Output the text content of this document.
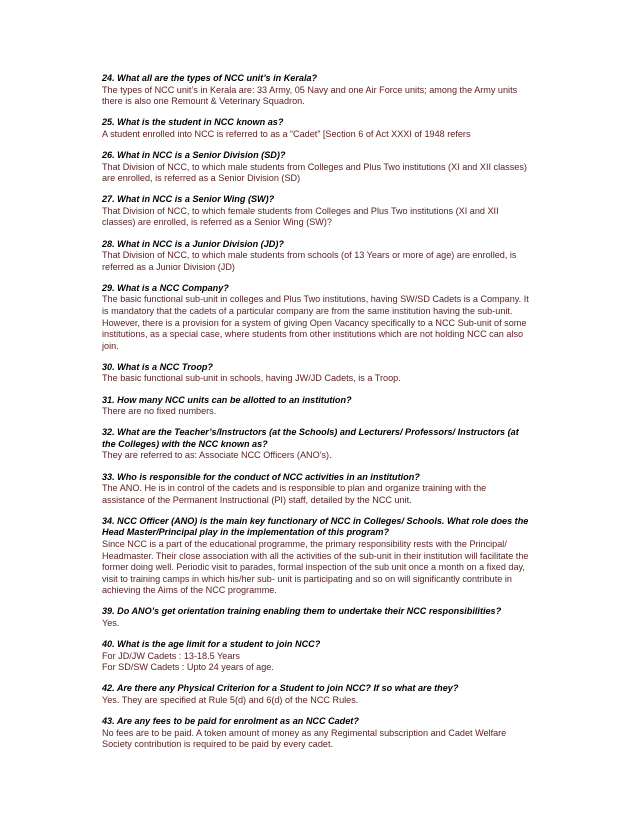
24. What all are the types of NCC unit’s in Kerala?

The types of NCC unit’s in Kerala are: 33 Army, 05 Navy and one Air Force units; among the Army units there is also one Remount & Veterinary Squadron.

25. What is the student in NCC known as?

A student enrolled into NCC is referred to as a “Cadet” [Section 6 of Act XXXI of 1948 refers

26. What in NCC is a Senior Division (SD)?

That Division of NCC, to which male students from Colleges and Plus Two institutions (XI and XII classes) are enrolled, is referred as a Senior Division (SD)

27. What in NCC is a Senior Wing (SW)?

That Division of NCC, to which female students from Colleges and Plus Two institutions (XI and XII classes) are enrolled, is referred as a Senior Wing (SW)?

28. What in NCC is a Junior Division (JD)?

That Division of NCC, to which male students from schools (of 13 Years or more of age) are enrolled, is referred as a Junior Division (JD)

29. What is a NCC Company?

The basic functional sub-unit in colleges and Plus Two institutions, having SW/SD Cadets is a Company. It is mandatory that the cadets of a particular company are from the same institution having the sub-unit. However, there is a provision for a system of giving Open Vacancy specifically to a NCC Sub-unit of some institutions, as a special case, where students from other institutions which are not holding NCC can also join.

30. What is a NCC Troop?

The basic functional sub-unit in schools, having JW/JD Cadets, is a Troop.

31. How many NCC units can be allotted to an institution?

There are no fixed numbers.

32. What are the Teacher’s/Instructors (at the Schools) and Lecturers/ Professors/ Instructors (at the Colleges) with the NCC known as?

They are referred to as: Associate NCC Officers (ANO’s).

33. Who is responsible for the conduct of NCC activities in an institution?

The ANO. He is in control of the cadets and is responsible to plan and organize training with the assistance of the Permanent Instructional (PI) staff, detailed by the NCC unit.

34. NCC Officer (ANO) is the main key functionary of NCC in Colleges/ Schools. What role does the Head Master/Principal play in the implementation of this program?

Since NCC is a part of the educational programme, the primary responsibility rests with the Principal/ Headmaster. Their close association with all the activities of the sub-unit in their institution will facilitate the former doing well. Periodic visit to parades, formal inspection of the sub unit once a month on a fixed day, visit to training camps in which his/her sub- unit is participating and so on will significantly contribute in achieving the Aims of the NCC programme.

39. Do ANO’s get orientation training enabling them to undertake their NCC responsibilities?

Yes.

40. What is the age limit for a student to join NCC?

For JD/JW Cadets : 13-18.5 Years
For SD/SW Cadets : Upto 24 years of age.

42. Are there any Physical Criterion for a Student to join NCC? If so what are they?

Yes. They are specified at Rule 5(d) and 6(d) of the NCC Rules.

43. Are any fees to be paid for enrolment as an NCC Cadet?

No fees are to be paid. A token amount of money as any Regimental subscription and Cadet Welfare Society contribution is required to be paid by every cadet.
